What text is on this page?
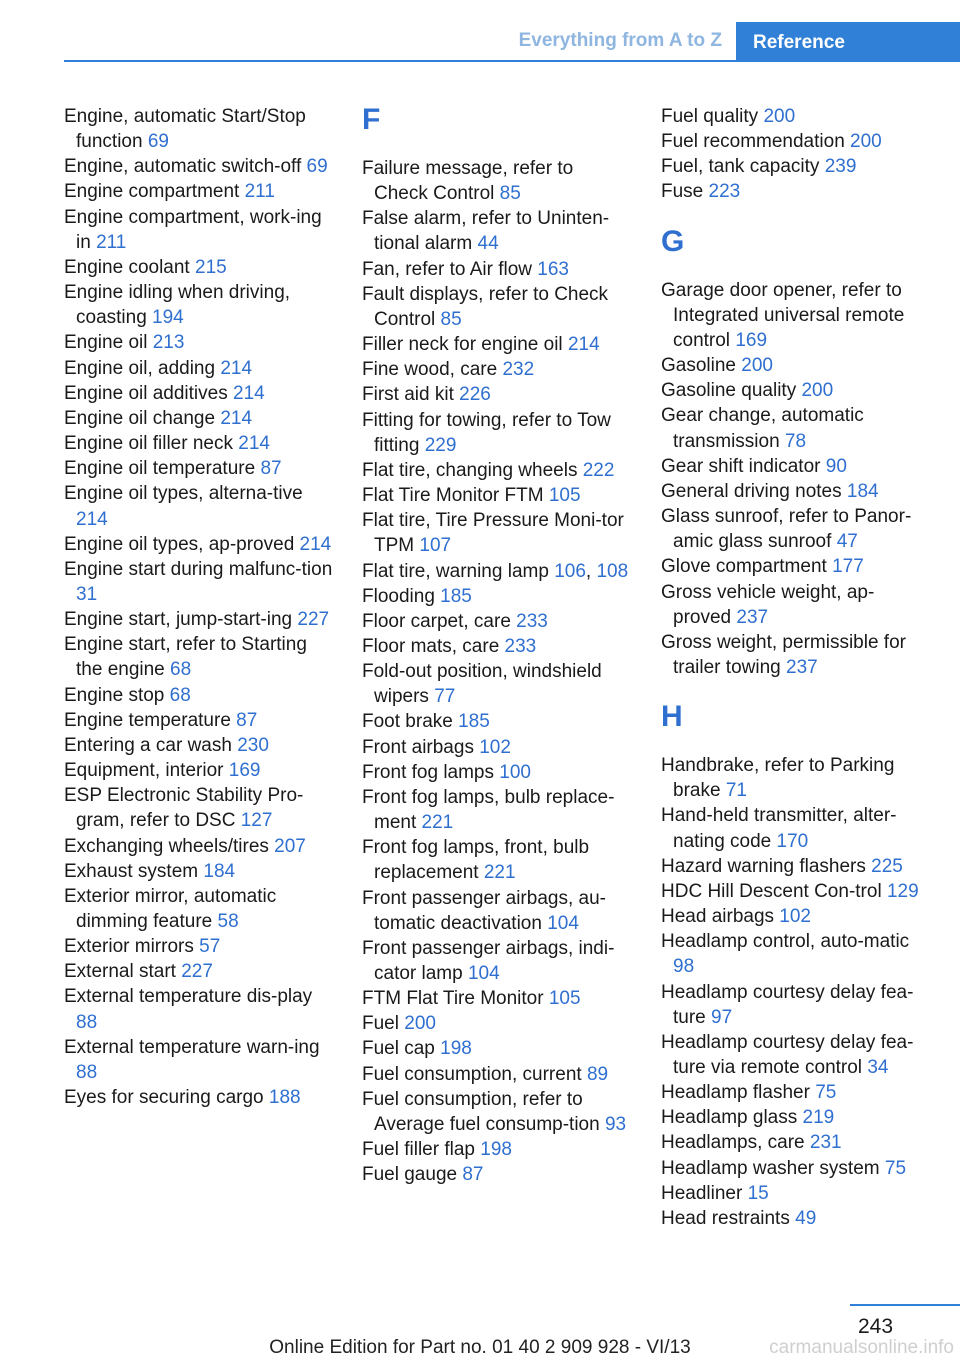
Everything from A to Z	Reference
Engine, automatic Start/Stop function 69
Engine, automatic switch-off 69
Engine compartment 211
Engine compartment, work-ing in 211
Engine coolant 215
Engine idling when driving, coasting 194
Engine oil 213
Engine oil, adding 214
Engine oil additives 214
Engine oil change 214
Engine oil filler neck 214
Engine oil temperature 87
Engine oil types, alterna-tive 214
Engine oil types, ap-proved 214
Engine start during malfunc-tion 31
Engine start, jump-start-ing 227
Engine start, refer to Starting the engine 68
Engine stop 68
Engine temperature 87
Entering a car wash 230
Equipment, interior 169
ESP Electronic Stability Pro-gram, refer to DSC 127
Exchanging wheels/tires 207
Exhaust system 184
Exterior mirror, automatic dimming feature 58
Exterior mirrors 57
External start 227
External temperature dis-play 88
External temperature warn-ing 88
Eyes for securing cargo 188
F
Failure message, refer to Check Control 85
False alarm, refer to Uninten-tional alarm 44
Fan, refer to Air flow 163
Fault displays, refer to Check Control 85
Filler neck for engine oil 214
Fine wood, care 232
First aid kit 226
Fitting for towing, refer to Tow fitting 229
Flat tire, changing wheels 222
Flat Tire Monitor FTM 105
Flat tire, Tire Pressure Moni-tor TPM 107
Flat tire, warning lamp 106, 108
Flooding 185
Floor carpet, care 233
Floor mats, care 233
Fold-out position, windshield wipers 77
Foot brake 185
Front airbags 102
Front fog lamps 100
Front fog lamps, bulb replace-ment 221
Front fog lamps, front, bulb replacement 221
Front passenger airbags, au-tomatic deactivation 104
Front passenger airbags, indi-cator lamp 104
FTM Flat Tire Monitor 105
Fuel 200
Fuel cap 198
Fuel consumption, current 89
Fuel consumption, refer to Average fuel consump-tion 93
Fuel filler flap 198
Fuel gauge 87
Fuel quality 200
Fuel recommendation 200
Fuel, tank capacity 239
Fuse 223
G
Garage door opener, refer to Integrated universal remote control 169
Gasoline 200
Gasoline quality 200
Gear change, automatic transmission 78
Gear shift indicator 90
General driving notes 184
Glass sunroof, refer to Panor-amic glass sunroof 47
Glove compartment 177
Gross vehicle weight, ap-proved 237
Gross weight, permissible for trailer towing 237
H
Handbrake, refer to Parking brake 71
Hand-held transmitter, alter-nating code 170
Hazard warning flashers 225
HDC Hill Descent Con-trol 129
Head airbags 102
Headlamp control, auto-matic 98
Headlamp courtesy delay fea-ture 97
Headlamp courtesy delay fea-ture via remote control 34
Headlamp flasher 75
Headlamp glass 219
Headlamps, care 231
Headlamp washer system 75
Headliner 15
Head restraints 49
243
Online Edition for Part no. 01 40 2 909 928 - VI/13	carmanualsonline.info
